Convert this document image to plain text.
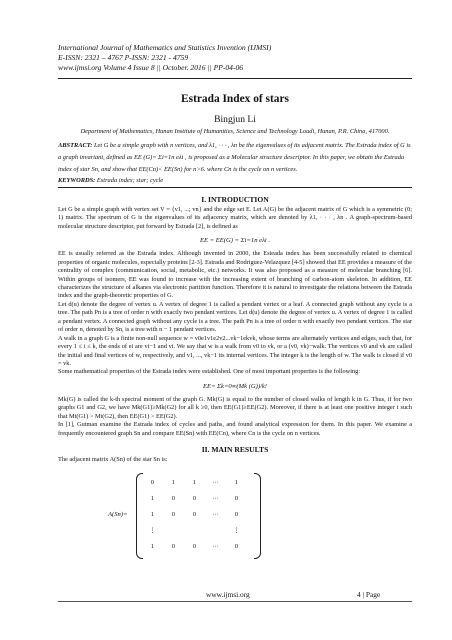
International Journal of Mathematics and Statistics Invention (IJMSI)
E-ISSN: 2321 – 4767 P-ISSN: 2321 - 4759
www.ijmsi.org Volume 4 Issue 8 || October. 2016 || PP-04-06
Estrada Index of stars
Bingjun Li
Department of Mathematics, Hunan Institute of Humanities, Science and Technology Loudi, Hunan, P.R. China, 417000.
ABSTRACT: Let G be a simple graph with n vertices, and λ1, · · · , λn be the eigenvalues of its adjacent matrix. The Estrada index of G is a graph invariant, defined as EE (G)= Σi=1n eλi , is proposed as a Molecular structure descriptor. In this paper, we obtain the Estrada index of star Sn, and show that EE(Cn)< EE(Sn) for n>6. where Cn is the cycle on n vertices.
KEYWORDS: Estrada index; star; cycle
I. INTRODUCTION

Let G be a simple graph with vertex set V = {v1, ...; vn} and the edge set E. Let A(G) be the adjacent matrix of G which is a symmetric (0; 1) matrix. The spectrum of G is the eigenvalues of its adjacency matrix, which are denoted by λ1, · · · , λn . A graph-spectrum-based molecular structure descriptor, put forward by Estrada [2], is defined as

EE = EE(G) = Σi=1n eλi .

EE is usually referred as the Estrada index. Although invented in 2000, the Esteada index has been successfully related to chemical properties of organic molecules, especially proteins [2-3]. Estrada and Rodriguez-Velazquez [4-5] showed that EE provides a measure of the centrality of complex (communication, social, metabolic, etc.) networks. It was also proposed as a measure of molecular branching [6]. Within groups of isomers, EE was found to increase with the increasing extent of branching of carbon-atom skeleton. In addition, EE characterizes the structure of alkanes via electronic partition function. Therefore it is natural to investigate the relations between the Estrada index and the graph-theoretic properties of G.

Let d(u) denote the degree of vertex u. A vertex of degree 1 is called a pendant vertex or a leaf. A connected graph without any cycle is a tree. The path Pn is a tree of order n with exactly two pendant vertices. Let d(u) denote the degree of vertex u. A vertex of degree 1 is called a pendant vertex. A connected graph without any cycle is a tree. The path Pn is a tree of order n with exactly two pendant vertices. The star of order n, denoted by Sn, is a tree with n − 1 pendant vertices.

A walk in a graph G is a finite non-null sequence w = v0e1v1e2v2...vk−1ekvk, whose terms are alternately vertices and edges, such that, for every 1 ≤ i ≤ k, the ends of ei are vi−1 and vi. We say that w is a walk from v0 to vk, or a (v0, vk)−walk. The vertices v0 and vk are called the initial and final vertices of w, respectively, and v1, ..., vk−1 its internal vertices. The integer k is the length of w. The walk is closed if v0 = vk.

Some mathematical properties of the Estrada index were established. One of most important properties is the following:

EE= Σk=0∞(Mk (G))/k!

Mk(G) is called the k-th spectral moment of the graph G. Mk(G) is equal to the number of closed walks of length k in G. Thus, if for two graphs G1 and G2, we have Mk(G1)≥Mk(G2) for all k ≥0, then EE(G1)≥EE(G2). Moreover, if there is at least one positive integer t such that Mt(G1) > Mt(G2), then EE(G1) > EE(G2).

In [1], Gutman examine the Estrada index of cycles and paths, and found analytical expression for them. In this paper. We examine a frequently encountered graph Sn and compare EE(Sn) with EE(Cn), where Cn is the cycle on n vertices.

II. MAIN RESULTS

The adjacent matrix A(Sn) of the star Sn is:

A(Sn)=
0	1	1	···	1
1	0	0	···	0
1	0	0	···	0
⋮				⋮
1	0	0	···	0
www.ijmsi.org	4 | Page
